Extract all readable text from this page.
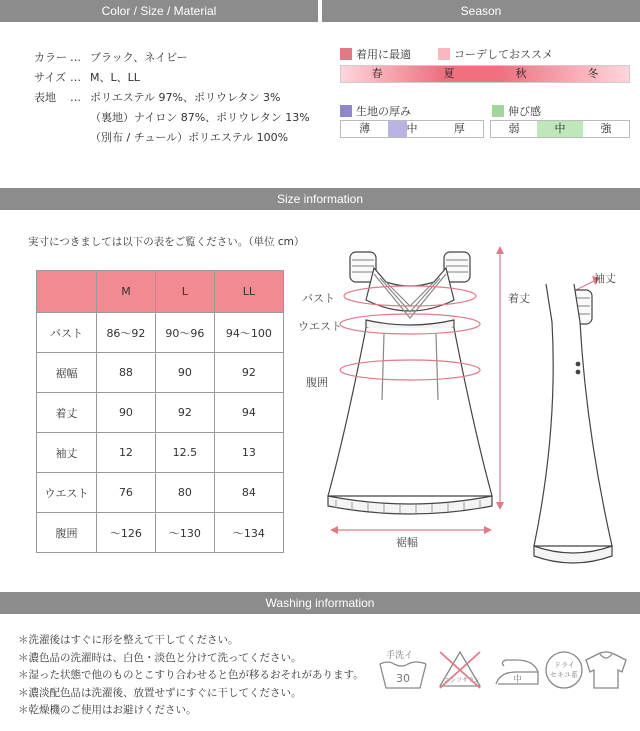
Color / Size / Material	Season
カラー … ブラック、ネイビー
サイズ … M、L、LL
表地	… ポリエステル 97%、ポリウレタン 3%
（裏地）ナイロン 87%、ポリウレタン 13%
（別布 / チュール）ポリエステル 100%
着用に最適	コーデしておススメ
春	夏	秋	冬
生地の厚み
薄	中	厚
伸び感
弱	中	強
Size information
実寸につきましては以下の表をご覧ください。（単位 cm）
	M	L	LL
バスト	86〜92	90〜96	94〜100
裾幅	88	90	92
着丈	90	92	94
袖丈	12	12.5	13
ウエスト	76	80	84
腹囲	〜126	〜130	〜134
バスト
ウエスト
腹囲
着丈
裾幅
袖丈
Washing information
＊洗濯後はすぐに形を整えて干してください。
＊濃色品の洗濯時は、白色・淡色と分けて洗ってください。
＊湿った状態で他のものとこすり合わせると色が移るおそれがあります。
＊濃淡配色品は洗濯後、放置せずにすぐに干してください。
＊乾燥機のご使用はお避けください。
手洗イ
30	エンソサラシ	中
ドライ
セキユ系
